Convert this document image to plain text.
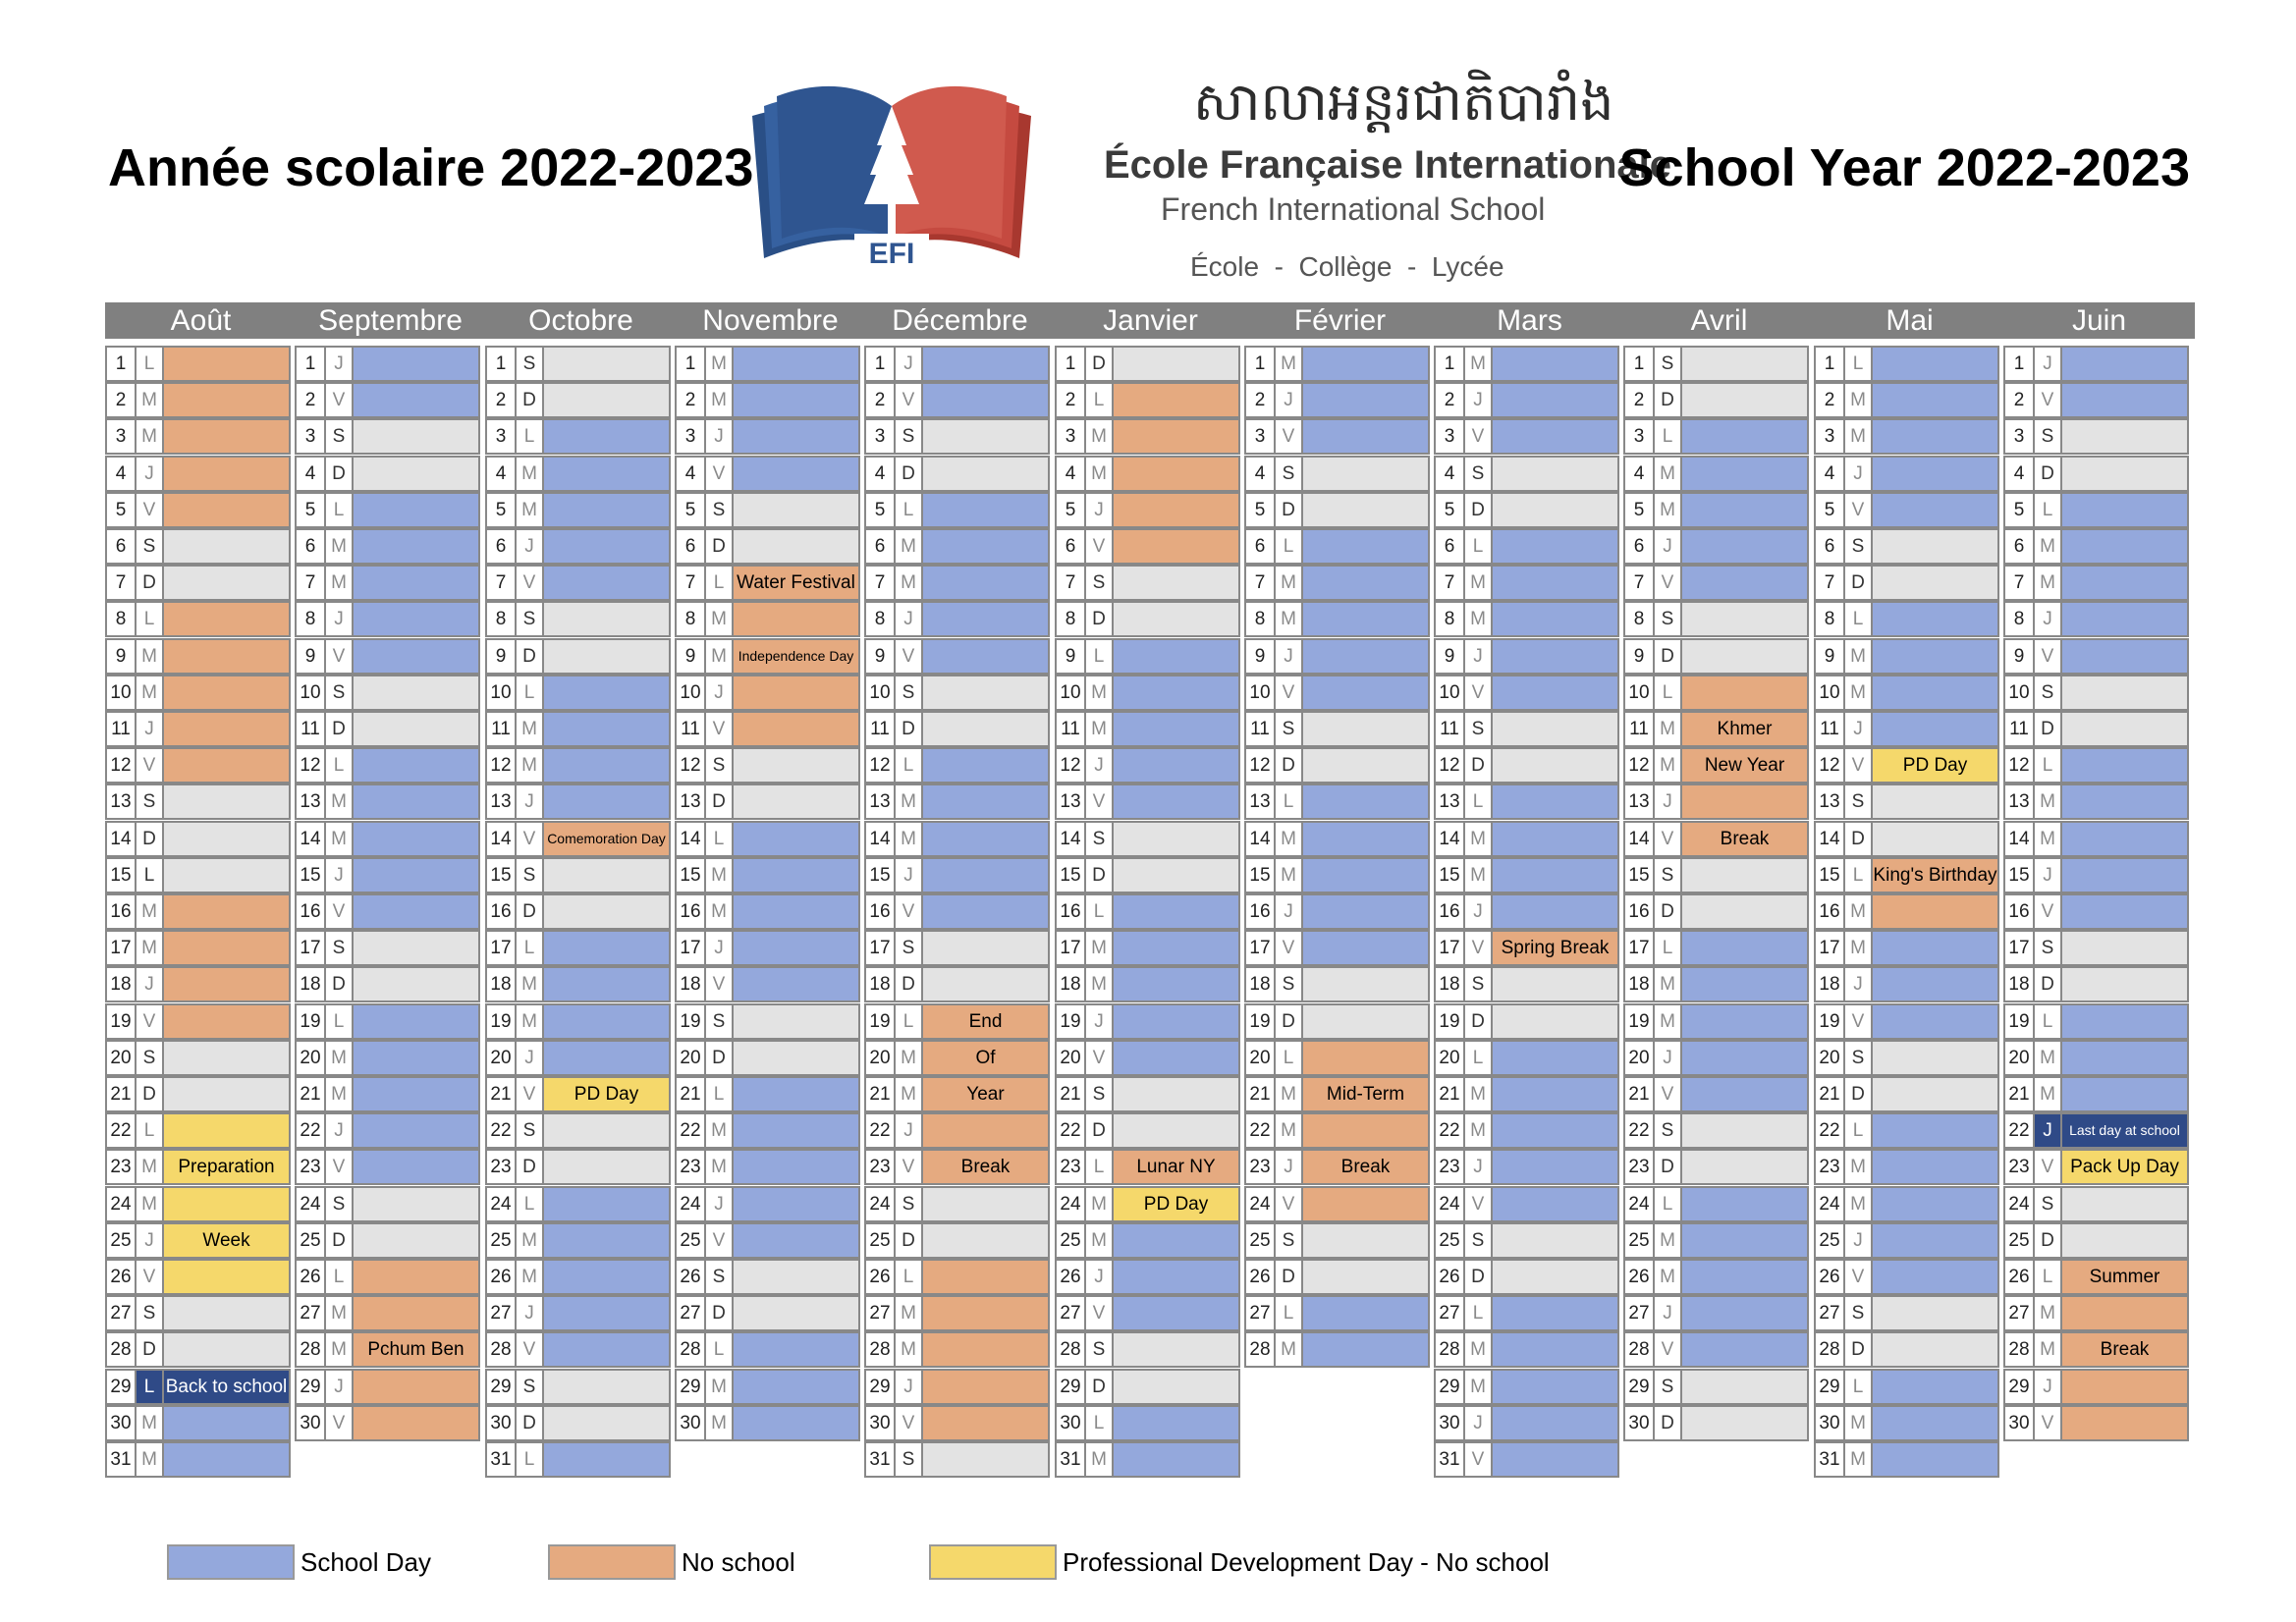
Année scolaire 2022-2023
EFI
សាលាអន្តរជាតិបារាំង
École Française Internationale
French International School
École  -  Collège  -  Lycée
School Year 2022-2023
Août
1 L
2 M
3 M
4 J
5 V
6 S
7 D
8 L
9 M
10 M
11 J
12 V
13 S
14 D
15 L
16 M
17 M
18 J
19 V
20 S
21 D
22 L
23 M	Preparation
24 M
25 J	Week
26 V
27 S
28 D
29 L Back to school
30 M
31 M
Septembre
1 J
2 V
3 S
4 D
5 L
6 M
7 M
8 J
9 V
10 S
11 D
12 L
13 M
14 M
15 J
16 V
17 S
18 D
19 L
20 M
21 M
22 J
23 V
24 S
25 D
26 L
27 M
28 M	Pchum Ben
29 J
30 V
Octobre
1 S
2 D
3 L
4 M
5 M
6 J
7 V
8 S
9 D
10 L
11 M
12 M
13 J
14 V Comemoration Day
15 S
16 D
17 L
18 M
19 M
20 J
21 V	PD Day
22 S
23 D
24 L
25 M
26 M
27 J
28 V
29 S
30 D
31 L
Novembre
1 M
2 M
3 J
4 V
5 S
6 D
7 L Water Festival
8 M
9 M Independence Day
10 J
11 V
12 S
13 D
14 L
15 M
16 M
17 J
18 V
19 S
20 D
21 L
22 M
23 M
24 J
25 V
26 S
27 D
28 L
29 M
30 M
Décembre
1 J
2 V
3 S
4 D
5 L
6 M
7 M
8 J
9 V
10 S
11 D
12 L
13 M
14 M
15 J
16 V
17 S
18 D
19 L	End
20 M	Of
21 M	Year
22 J
23 V	Break
24 S
25 D
26 L
27 M
28 M
29 J
30 V
31 S
Janvier
1 D
2 L
3 M
4 M
5 J
6 V
7 S
8 D
9 L
10 M
11 M
12 J
13 V
14 S
15 D
16 L
17 M
18 M
19 J
20 V
21 S
22 D
23 L	Lunar NY
24 M	PD Day
25 M
26 J
27 V
28 S
29 D
30 L
31 M
Février
1 M
2 J
3 V
4 S
5 D
6 L
7 M
8 M
9 J
10 V
11 S
12 D
13 L
14 M
15 M
16 J
17 V
18 S
19 D
20 L
21 M	Mid-Term
22 M
23 J	Break
24 V
25 S
26 D
27 L
28 M
Mars
1 M
2 J
3 V
4 S
5 D
6 L
7 M
8 M
9 J
10 V
11 S
12 D
13 L
14 M
15 M
16 J
17 V Spring Break
18 S
19 D
20 L
21 M
22 M
23 J
24 V
25 S
26 D
27 L
28 M
29 M
30 J
31 V
Avril
1 S
2 D
3 L
4 M
5 M
6 J
7 V
8 S
9 D
10 L
11 M	Khmer
12 M	New Year
13 J
14 V	Break
15 S
16 D
17 L
18 M
19 M
20 J
21 V
22 S
23 D
24 L
25 M
26 M
27 J
28 V
29 S
30 D
Mai
1 L
2 M
3 M
4 J
5 V
6 S
7 D
8 L
9 M
10 M
11 J
12 V	PD Day
13 S
14 D
15 L King's Birthday
16 M
17 M
18 J
19 V
20 S
21 D
22 L
23 M
24 M
25 J
26 V
27 S
28 D
29 L
30 M
31 M
Juin
1 J
2 V
3 S
4 D
5 L
6 M
7 M
8 J
9 V
10 S
11 D
12 L
13 M
14 M
15 J
16 V
17 S
18 D
19 L
20 M
21 M
22 J	Last day at school
23 V Pack Up Day
24 S
25 D
26 L	Summer
27 M
28 M	Break
29 J
30 V
School Day	No school	Professional Development Day - No school
